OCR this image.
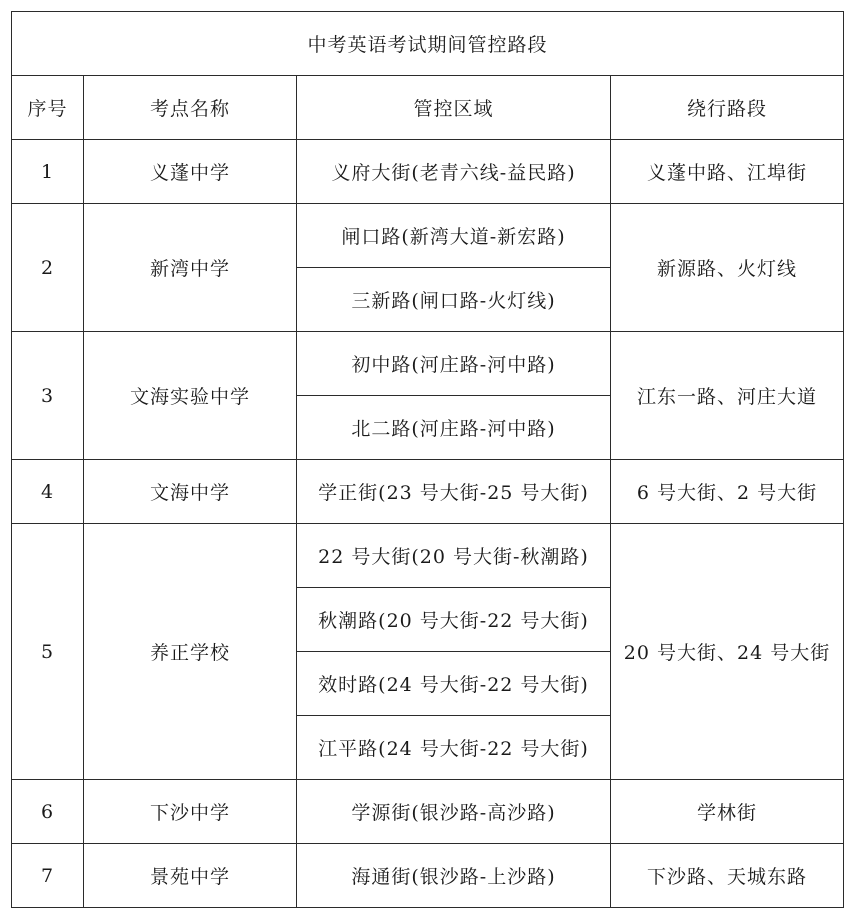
中考英语考试期间管控路段			
序号	考点名称	管控区域	绕行路段
1	义蓬中学	义府大街(老青六线-益民路)	义蓬中路、江埠街
2	新湾中学	闸口路(新湾大道-新宏路)	新源路、火灯线
		三新路(闸口路-火灯线)	
3	文海实验中学	初中路(河庄路-河中路)	江东一路、河庄大道
		北二路(河庄路-河中路)	
4	文海中学	学正街(23 号大街-25 号大街)	6 号大街、2 号大街
5	养正学校	22 号大街(20 号大街-秋潮路)	20 号大街、24 号大街
		秋潮路(20 号大街-22 号大街)	
		效时路(24 号大街-22 号大街)	
		江平路(24 号大街-22 号大街)	
6	下沙中学	学源街(银沙路-高沙路)	学林街
7	景苑中学	海通街(银沙路-上沙路)	下沙路、天城东路
